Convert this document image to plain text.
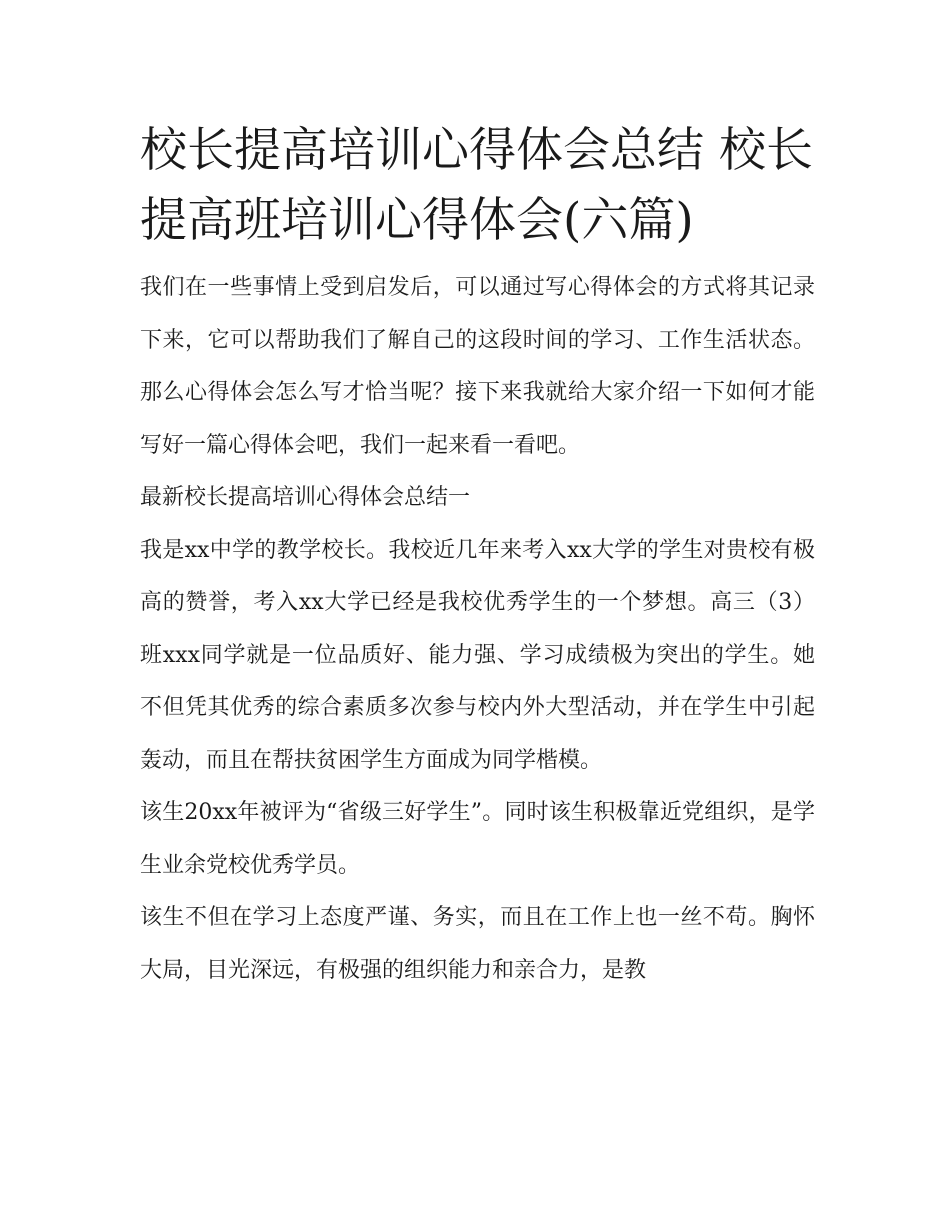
校长提高培训心得体会总结 校长提高班培训心得体会(六篇)

我们在一些事情上受到启发后，可以通过写心得体会的方式将其记录下来，它可以帮助我们了解自己的这段时间的学习、工作生活状态。那么心得体会怎么写才恰当呢？接下来我就给大家介绍一下如何才能写好一篇心得体会吧，我们一起来看一看吧。

最新校长提高培训心得体会总结一

我是xx中学的教学校长。我校近几年来考入xx大学的学生对贵校有极高的赞誉，考入xx大学已经是我校优秀学生的一个梦想。高三（3）班xxx同学就是一位品质好、能力强、学习成绩极为突出的学生。她不但凭其优秀的综合素质多次参与校内外大型活动，并在学生中引起轰动，而且在帮扶贫困学生方面成为同学楷模。

该生20xx年被评为“省级三好学生”。同时该生积极靠近党组织，是学生业余党校优秀学员。

该生不但在学习上态度严谨、务实，而且在工作上也一丝不苟。胸怀大局，目光深远，有极强的组织能力和亲合力，是教
